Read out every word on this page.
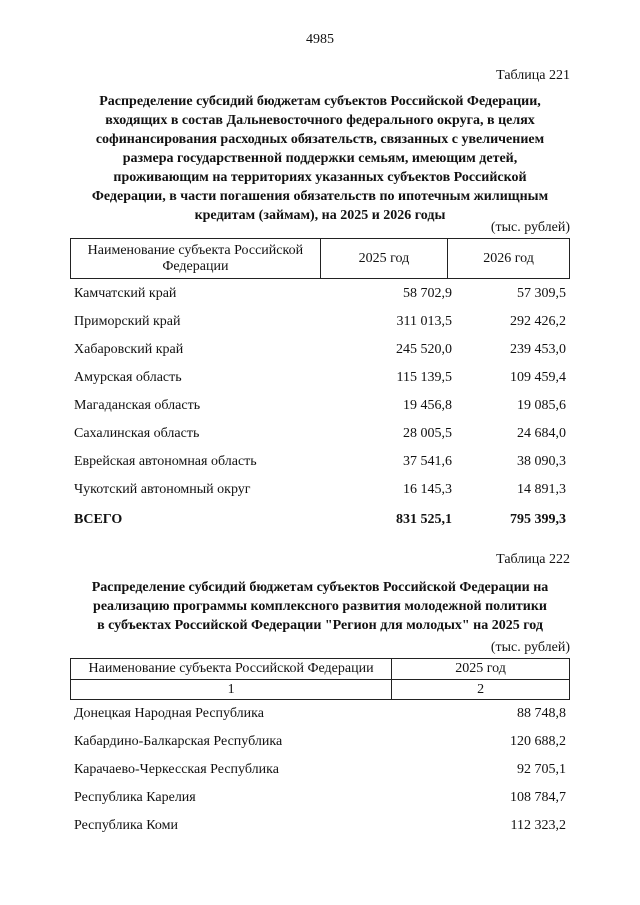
4985
Таблица 221
Распределение субсидий бюджетам субъектов Российской Федерации,
входящих в состав Дальневосточного федерального округа, в целях
софинансирования расходных обязательств, связанных с увеличением
размера государственной поддержки семьям, имеющим детей,
проживающим на территориях указанных субъектов Российской
Федерации, в части погашения обязательств по ипотечным жилищным
кредитам (займам), на 2025 и 2026 годы
(тыс. рублей)
Наименование субъекта Российской
Федерации
	2025 год	2026 год
Камчатский край	58 702,9	57 309,5
Приморский край	311 013,5	292 426,2
Хабаровский край	245 520,0	239 453,0
Амурская область	115 139,5	109 459,4
Магаданская область	19 456,8	19 085,6
Сахалинская область	28 005,5	24 684,0
Еврейская автономная область	37 541,6	38 090,3
Чукотский автономный округ	16 145,3	14 891,3
ВСЕГО	831 525,1	795 399,3
Таблица 222
Распределение субсидий бюджетам субъектов Российской Федерации на
реализацию программы комплексного развития молодежной политики
в субъектах Российской Федерации "Регион для молодых" на 2025 год
(тыс. рублей)
Наименование субъекта Российской Федерации	2025 год
1	2
Донецкая Народная Республика	88 748,8
Кабардино-Балкарская Республика	120 688,2
Карачаево-Черкесская Республика	92 705,1
Республика Карелия	108 784,7
Республика Коми	112 323,2
